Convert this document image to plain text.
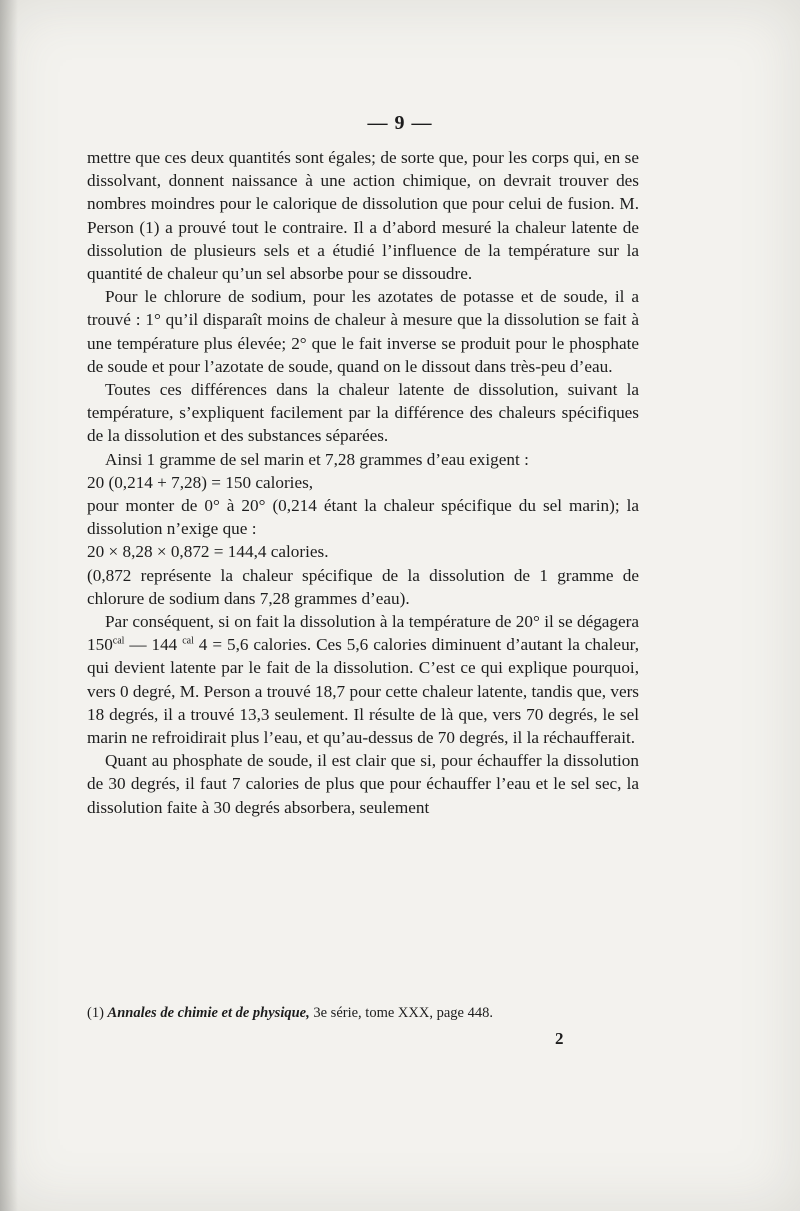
— 9 —

mettre que ces deux quantités sont égales; de sorte que, pour les corps qui, en se dissolvant, donnent naissance à une action chimique, on devrait trouver des nombres moindres pour le calorique de dissolution que pour celui de fusion. M. Person (1) a prouvé tout le contraire. Il a d’abord mesuré la chaleur latente de dissolution de plusieurs sels et a étudié l’influence de la température sur la quantité de chaleur qu’un sel absorbe pour se dissoudre.

Pour le chlorure de sodium, pour les azotates de potasse et de soude, il a trouvé : 1° qu’il disparaît moins de chaleur à mesure que la dissolution se fait à une température plus élevée; 2° que le fait inverse se produit pour le phosphate de soude et pour l’azotate de soude, quand on le dissout dans très-peu d’eau.

Toutes ces différences dans la chaleur latente de dissolution, suivant la température, s’expliquent facilement par la différence des chaleurs spécifiques de la dissolution et des substances séparées.

Ainsi 1 gramme de sel marin et 7,28 grammes d’eau exigent :

20 (0,214 + 7,28) = 150 calories,

pour monter de 0° à 20° (0,214 étant la chaleur spécifique du sel marin); la dissolution n’exige que :

20 × 8,28 × 0,872 = 144,4 calories.

(0,872 représente la chaleur spécifique de la dissolution de 1 gramme de chlorure de sodium dans 7,28 grammes d’eau).

Par conséquent, si on fait la dissolution à la température de 20° il se dégagera $150^{cal}$ — 144 $^{cal}$ 4 = 5,6 calories. Ces 5,6 calories diminuent d’autant la chaleur, qui devient latente par le fait de la dissolution. C’est ce qui explique pourquoi, vers 0 degré, M. Person a trouvé 18,7 pour cette chaleur latente, tandis que, vers 18 degrés, il a trouvé 13,3 seulement. Il résulte de là que, vers 70 degrés, le sel marin ne refroidirait plus l’eau, et qu’au-dessus de 70 degrés, il la réchaufferait.

Quant au phosphate de soude, il est clair que si, pour échauffer la dissolution de 30 degrés, il faut 7 calories de plus que pour échauffer l’eau et le sel sec, la dissolution faite à 30 degrés absorbera, seulement

(1) Annales de chimie et de physique, 3e série, tome XXX, page 448.
2
